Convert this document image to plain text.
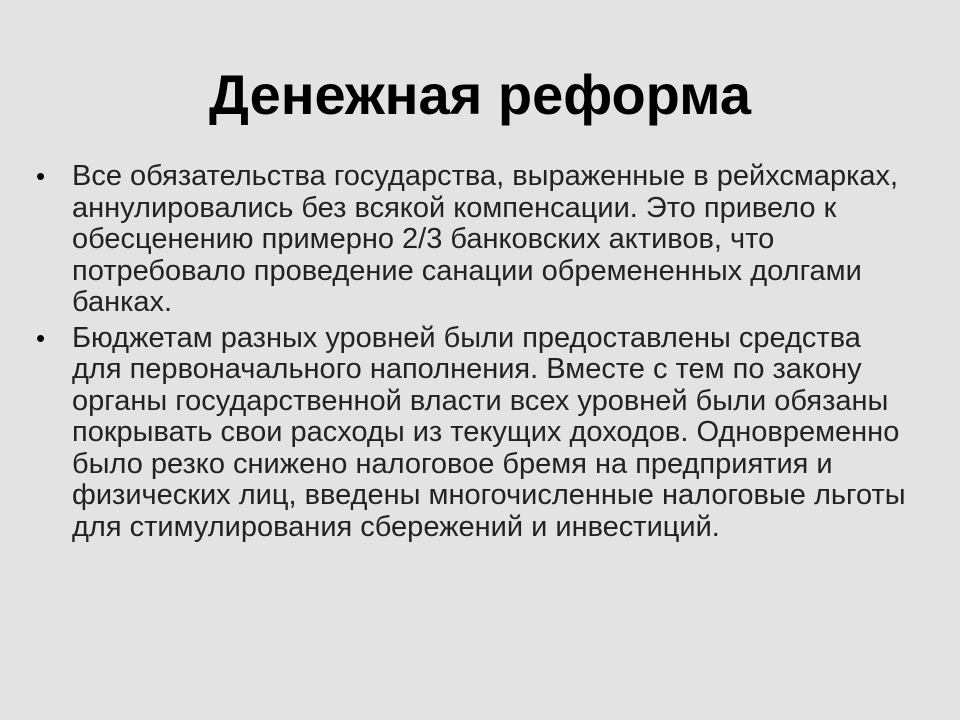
Денежная реформа
• Все обязательства государства, выраженные в рейхсмарках, аннулировались без всякой компенсации. Это привело к обесценению примерно 2/3 банковских активов, что потребовало проведение санации обремененных долгами банках.
• Бюджетам разных уровней были предоставлены средства для первоначального наполнения. Вместе с тем по закону органы государственной власти всех уровней были обязаны покрывать свои расходы из текущих доходов. Одновременно было резко снижено налоговое бремя на предприятия и физических лиц, введены многочисленные налоговые льготы для стимулирования сбережений и инвестиций.
